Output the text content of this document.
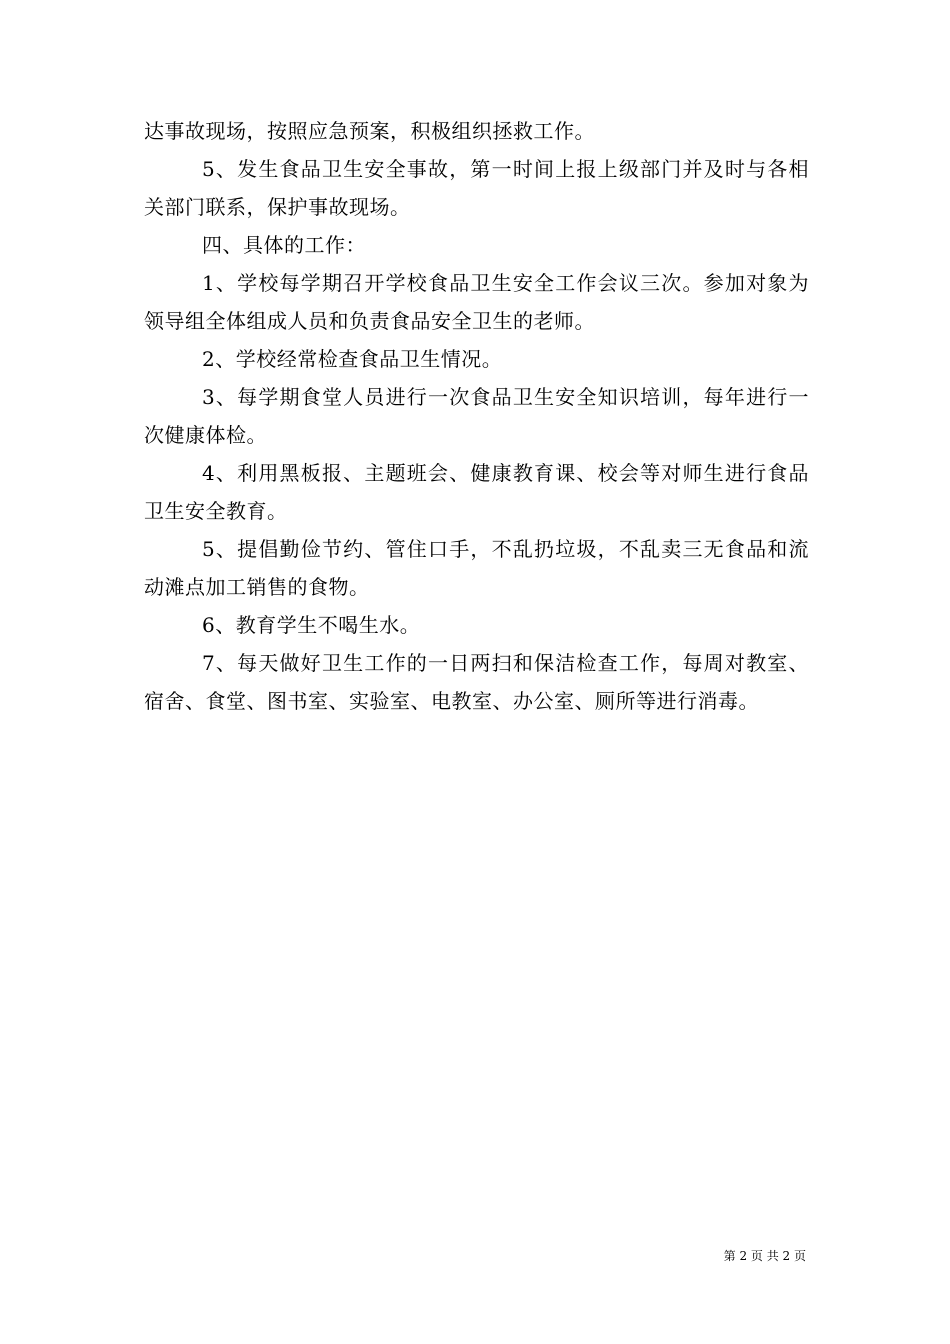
达事故现场，按照应急预案，积极组织拯救工作。

5、发生食品卫生安全事故，第一时间上报上级部门并及时与各相关部门联系，保护事故现场。

四、具体的工作：

1、学校每学期召开学校食品卫生安全工作会议三次。参加对象为领导组全体组成人员和负责食品安全卫生的老师。

2、学校经常检查食品卫生情况。

3、每学期食堂人员进行一次食品卫生安全知识培训，每年进行一次健康体检。

4、利用黑板报、主题班会、健康教育课、校会等对师生进行食品卫生安全教育。

5、提倡勤俭节约、管住口手，不乱扔垃圾，不乱卖三无食品和流动滩点加工销售的食物。

6、教育学生不喝生水。

7、每天做好卫生工作的一日两扫和保洁检查工作，每周对教室、宿舍、食堂、图书室、实验室、电教室、办公室、厕所等进行消毒。

第 2 页 共 2 页
